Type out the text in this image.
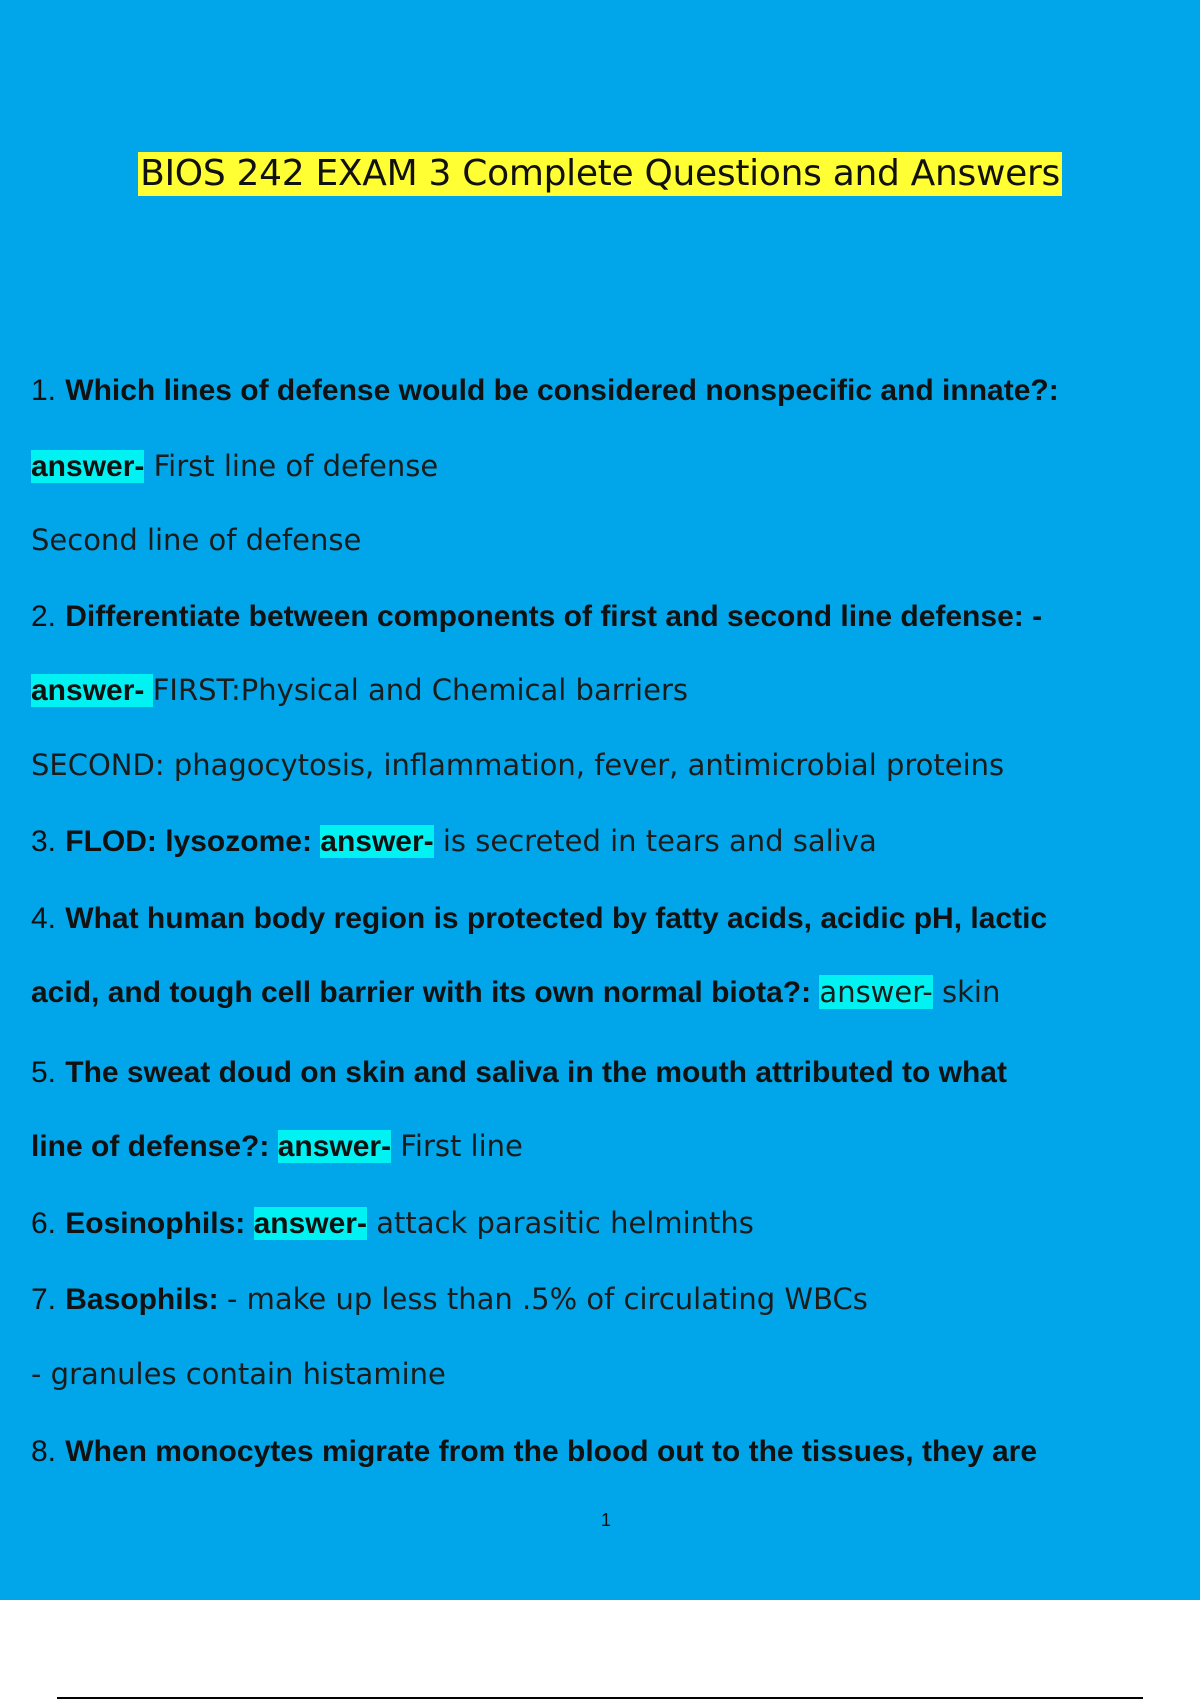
BIOS 242 EXAM 3 Complete Questions and Answers
1. Which lines of defense would be considered nonspecific and innate?:
answer- First line of defense
Second line of defense
2. Differentiate between components of first and second line defense: -
answer- FIRST:Physical and Chemical barriers
SECOND: phagocytosis, inflammation, fever, antimicrobial proteins
3. FLOD: lysozome: answer- is secreted in tears and saliva
4. What human body region is protected by fatty acids, acidic pH, lactic
acid, and tough cell barrier with its own normal biota?: answer- skin
5. The sweat doud on skin and saliva in the mouth attributed to what
line of defense?: answer- First line
6. Eosinophils: answer- attack parasitic helminths
7. Basophils: - make up less than .5% of circulating WBCs
- granules contain histamine
8. When monocytes migrate from the blood out to the tissues, they are
1
